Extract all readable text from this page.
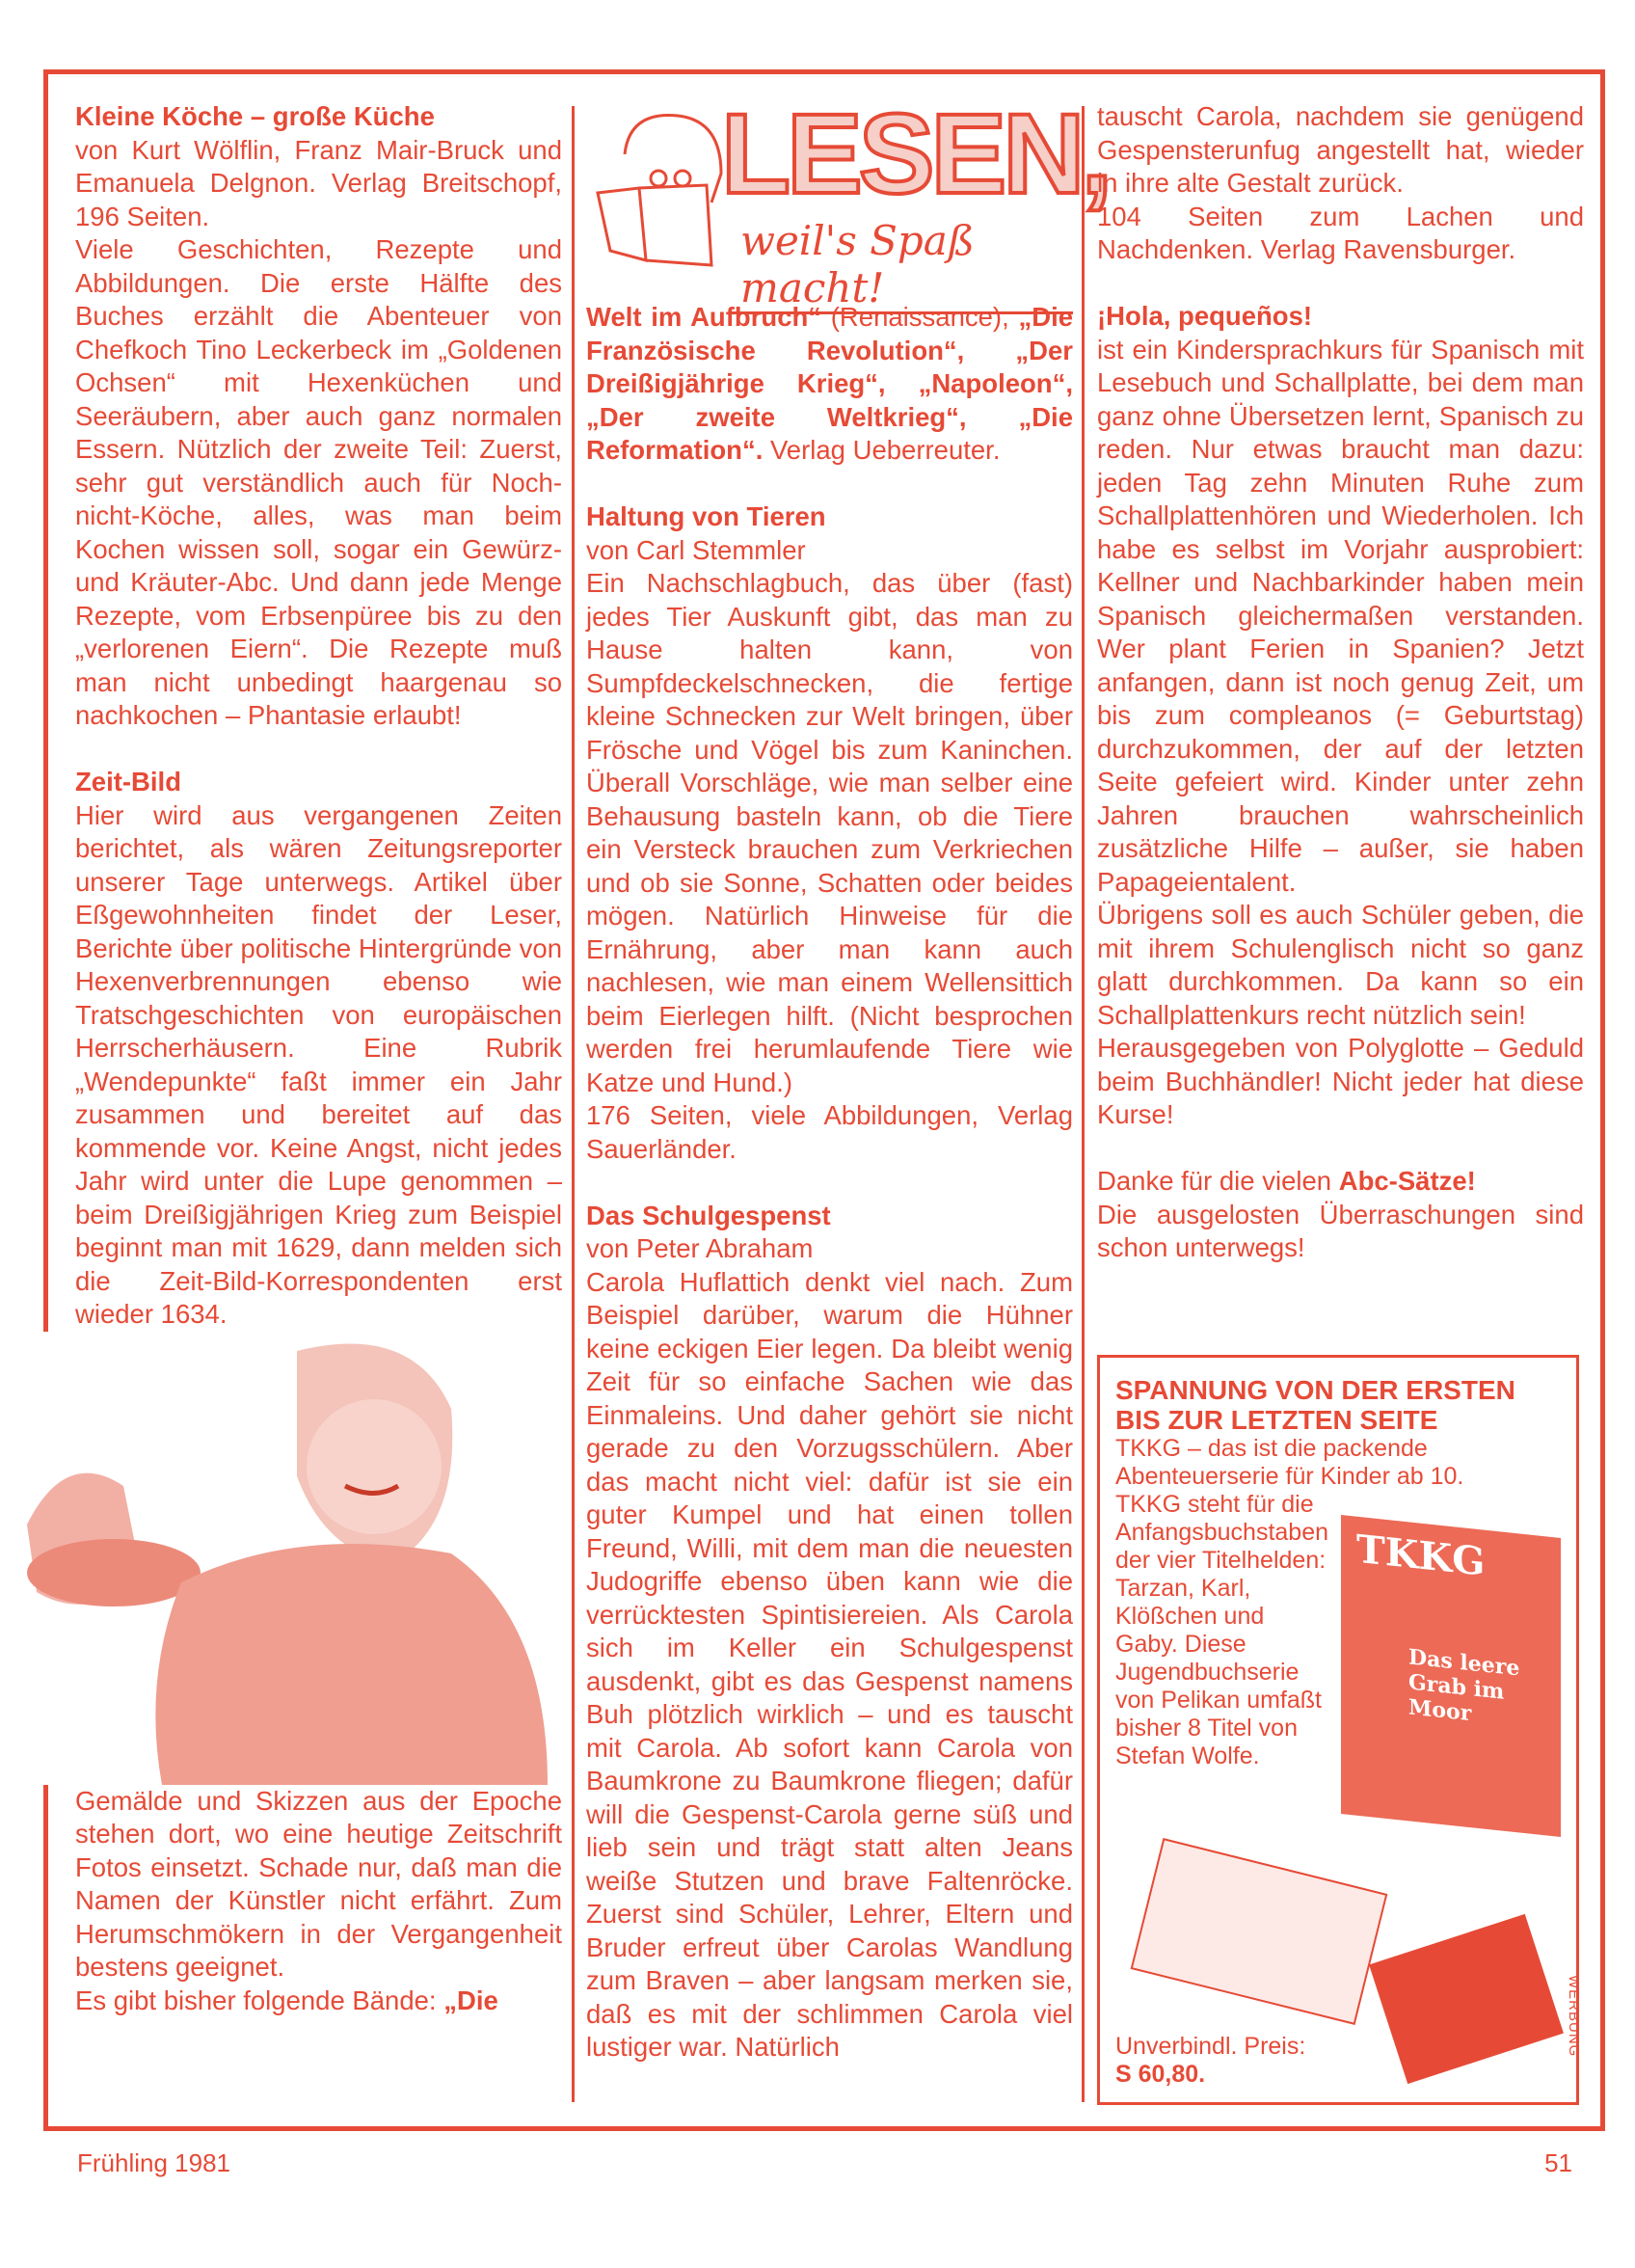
Kleine Köche – große Küche

von Kurt Wölflin, Franz Mair-Bruck und Emanuela Delgnon. Verlag Breitschopf, 196 Seiten.

Viele Geschichten, Rezepte und Abbildungen. Die erste Hälfte des Buches erzählt die Abenteuer von Chefkoch Tino Leckerbeck im „Goldenen Ochsen“ mit Hexenküchen und Seeräubern, aber auch ganz normalen Essern. Nützlich der zweite Teil: Zuerst, sehr gut verständlich auch für Noch-nicht-Köche, alles, was man beim Kochen wissen soll, sogar ein Gewürz- und Kräuter-Abc. Und dann jede Menge Rezepte, vom Erbsenpüree bis zu den „verlorenen Eiern“. Die Rezepte muß man nicht unbedingt haargenau so nachkochen – Phantasie erlaubt!

Zeit-Bild

Hier wird aus vergangenen Zeiten berichtet, als wären Zeitungsreporter unserer Tage unterwegs. Artikel über Eßgewohnheiten findet der Leser, Berichte über politische Hintergründe von Hexenverbrennungen ebenso wie Tratschgeschichten von europäischen Herrscherhäusern. Eine Rubrik „Wendepunkte“ faßt immer ein Jahr zusammen und bereitet auf das kommende vor. Keine Angst, nicht jedes Jahr wird unter die Lupe genommen – beim Dreißigjährigen Krieg zum Beispiel beginnt man mit 1629, dann melden sich die Zeit-Bild-Korrespondenten erst wieder 1634.

Gemälde und Skizzen aus der Epoche stehen dort, wo eine heutige Zeitschrift Fotos einsetzt. Schade nur, daß man die Namen der Künstler nicht erfährt. Zum Herumschmökern in der Vergangenheit bestens geeignet.

Es gibt bisher folgende Bände: „Die

LESEN,
weil's Spaß macht!

Welt im Aufbruch“ (Renaissance), „Die Französische Revolution“, „Der Dreißigjährige Krieg“, „Napoleon“, „Der zweite Weltkrieg“, „Die Reformation“. Verlag Ueberreuter.

Haltung von Tieren

von Carl Stemmler

Ein Nachschlagbuch, das über (fast) jedes Tier Auskunft gibt, das man zu Hause halten kann, von Sumpfdeckelschnecken, die fertige kleine Schnecken zur Welt bringen, über Frösche und Vögel bis zum Kaninchen. Überall Vorschläge, wie man selber eine Behausung basteln kann, ob die Tiere ein Versteck brauchen zum Verkriechen und ob sie Sonne, Schatten oder beides mögen. Natürlich Hinweise für die Ernährung, aber man kann auch nachlesen, wie man einem Wellensittich beim Eierlegen hilft. (Nicht besprochen werden frei herumlaufende Tiere wie Katze und Hund.)

176 Seiten, viele Abbildungen, Verlag Sauerländer.

Das Schulgespenst

von Peter Abraham

Carola Huflattich denkt viel nach. Zum Beispiel darüber, warum die Hühner keine eckigen Eier legen. Da bleibt wenig Zeit für so einfache Sachen wie das Einmaleins. Und daher gehört sie nicht gerade zu den Vorzugsschülern. Aber das macht nicht viel: dafür ist sie ein guter Kumpel und hat einen tollen Freund, Willi, mit dem man die neuesten Judogriffe ebenso üben kann wie die verrücktesten Spintisiereien. Als Carola sich im Keller ein Schulgespenst ausdenkt, gibt es das Gespenst namens Buh plötzlich wirklich – und es tauscht mit Carola. Ab sofort kann Carola von Baumkrone zu Baumkrone fliegen; dafür will die Gespenst-Carola gerne süß und lieb sein und trägt statt alten Jeans weiße Stutzen und brave Faltenröcke. Zuerst sind Schüler, Lehrer, Eltern und Bruder erfreut über Carolas Wandlung zum Braven – aber langsam merken sie, daß es mit der schlimmen Carola viel lustiger war. Natürlich

tauscht Carola, nachdem sie genügend Gespensterunfug angestellt hat, wieder in ihre alte Gestalt zurück.

104 Seiten zum Lachen und Nachdenken. Verlag Ravensburger.

¡Hola, pequeños!

ist ein Kindersprachkurs für Spanisch mit Lesebuch und Schallplatte, bei dem man ganz ohne Übersetzen lernt, Spanisch zu reden. Nur etwas braucht man dazu: jeden Tag zehn Minuten Ruhe zum Schallplattenhören und Wiederholen. Ich habe es selbst im Vorjahr ausprobiert: Kellner und Nachbarkinder haben mein Spanisch gleichermaßen verstanden. Wer plant Ferien in Spanien? Jetzt anfangen, dann ist noch genug Zeit, um bis zum compleanos (= Geburtstag) durchzukommen, der auf der letzten Seite gefeiert wird. Kinder unter zehn Jahren brauchen wahrscheinlich zusätzliche Hilfe – außer, sie haben Papageientalent.

Übrigens soll es auch Schüler geben, die mit ihrem Schulenglisch nicht so ganz glatt durchkommen. Da kann so ein Schallplattenkurs recht nützlich sein!

Herausgegeben von Polyglotte – Geduld beim Buchhändler! Nicht jeder hat diese Kurse!

Danke für die vielen Abc-Sätze!

Die ausgelosten Überraschungen sind schon unterwegs!

SPANNUNG VON DER ERSTEN BIS ZUR LETZTEN SEITE

TKKG – das ist die packende Abenteuerserie für Kinder ab 10.

TKKG
Das leere Grab im Moor

TKKG steht für die Anfangsbuchstaben der vier Titelhelden: Tarzan, Karl, Klößchen und Gaby. Diese Jugendbuchserie von Pelikan umfaßt bisher 8 Titel von Stefan Wolfe.

Unverbindl. Preis:

S 60,80.

WERBUNG
Frühling 1981	51
